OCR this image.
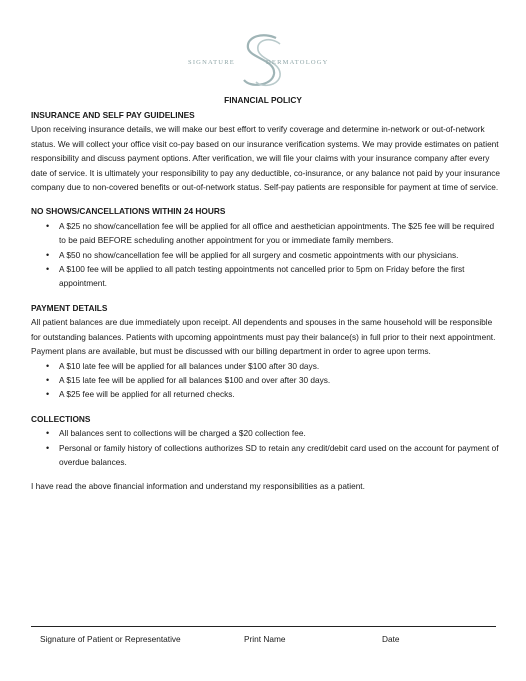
SIGNATURE	DERMATOLOGY
FINANCIAL POLICY

INSURANCE AND SELF PAY GUIDELINES

Upon receiving insurance details, we will make our best effort to verify coverage and determine in-network or out-of-network status. We will collect your office visit co-pay based on our insurance verification systems. We may provide estimates on patient responsibility and discuss payment options. After verification, we will file your claims with your insurance company after every date of service. It is ultimately your responsibility to pay any deductible, co-insurance, or any balance not paid by your insurance company due to non-covered benefits or out-of-network status. Self-pay patients are responsible for payment at time of service.

NO SHOWS/CANCELLATIONS WITHIN 24 HOURS

• A $25 no show/cancellation fee will be applied for all office and aesthetician appointments. The $25 fee will be required to be paid BEFORE scheduling another appointment for you or immediate family members.
• A $50 no show/cancellation fee will be applied for all surgery and cosmetic appointments with our physicians.
• A $100 fee will be applied to all patch testing appointments not cancelled prior to 5pm on Friday before the first appointment.

PAYMENT DETAILS

All patient balances are due immediately upon receipt. All dependents and spouses in the same household will be responsible for outstanding balances. Patients with upcoming appointments must pay their balance(s) in full prior to their next appointment. Payment plans are available, but must be discussed with our billing department in order to agree upon terms.

• A $10 late fee will be applied for all balances under $100 after 30 days.
• A $15 late fee will be applied for all balances $100 and over after 30 days.
• A $25 fee will be applied for all returned checks.

COLLECTIONS

• All balances sent to collections will be charged a $20 collection fee.
• Personal or family history of collections authorizes SD to retain any credit/debit card used on the account for payment of overdue balances.

I have read the above financial information and understand my responsibilities as a patient.

Signature of Patient or Representative	Print Name	Date
